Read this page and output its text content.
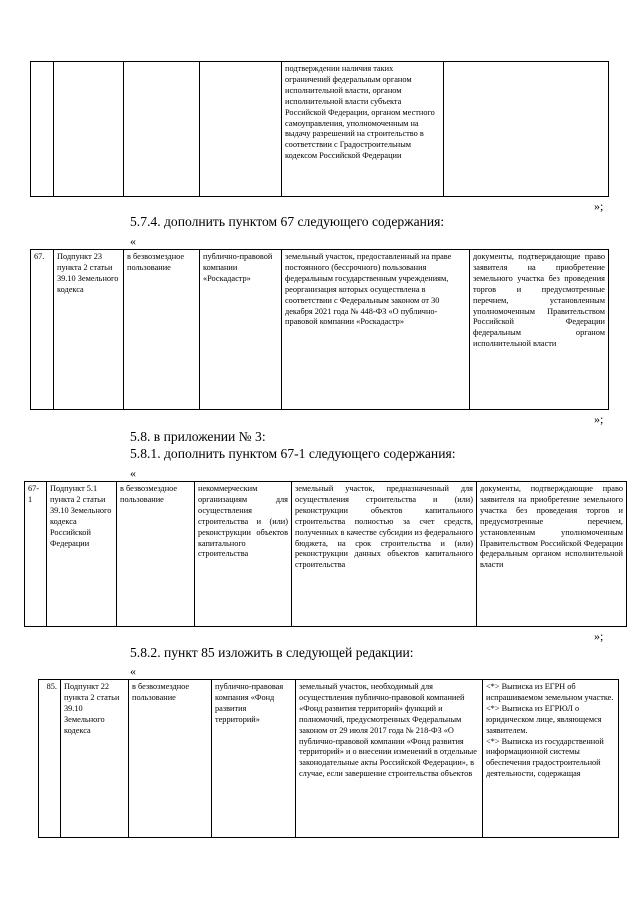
				подтверждении наличия таких ограничений федеральным органом исполнительной власти, органом исполнительной власти субъекта Российской Федерации, органом местного самоуправления, уполномоченным на выдачу разрешений на строительство в соответствии с Градостроительным кодексом Российской Федерации	
»;
5.7.4. дополнить пунктом 67 следующего содержания:
«
67.	Подпункт 23 пункта 2 статьи 39.10 Земельного кодекса	в безвозмездное пользование	публично-правовой компании «Роскадастр»	земельный участок, предоставленный на праве постоянного (бессрочного) пользования федеральным государственным учреждениям, реорганизация которых осуществлена в соответствии с Федеральным законом от 30 декабря 2021 года № 448-ФЗ «О публично-правовой компании «Роскадастр»	документы, подтверждающие право заявителя на приобретение земельного участка без проведения торгов и предусмотренные перечнем, установленным уполномоченным Правительством Российской Федерации федеральным органом исполнительной власти
»;
5.8. в приложении № 3:
5.8.1. дополнить пунктом 67-1 следующего содержания:
«
67-1	Подпункт 5.1 пункта 2 статьи 39.10 Земельного кодекса Российской Федерации	в безвозмездное пользование	некоммерческим организациям для осуществления строительства и (или) реконструкции объектов капитального строительства	земельный участок, предназначенный для осуществления строительства и (или) реконструкции объектов капитального строительства полностью за счет средств, полученных в качестве субсидии из федерального бюджета, на срок строительства и (или) реконструкции данных объектов капитального строительства	документы, подтверждающие право заявителя на приобретение земельного участка без проведения торгов и предусмотренные перечнем, установленным уполномоченным Правительством Российской Федерации федеральным органом исполнительной власти
»;
5.8.2. пункт 85 изложить в следующей редакции:
«
85.	Подпункт 22 пункта 2 статьи 39.10 Земельного кодекса	в безвозмездное пользование	публично-правовая компания «Фонд развития территорий»	земельный участок, необходимый для осуществления публично-правовой компанией «Фонд развития территорий» функций и полномочий, предусмотренных Федеральным законом от 29 июля 2017 года № 218-ФЗ «О публично-правовой компании «Фонд развития территорий» и о внесении изменений в отдельные законодательные акты Российской Федерации», в случае, если завершение строительства объектов	<*> Выписка из ЕГРН об испрашиваемом земельном участке.
<*> Выписка из ЕГРЮЛ о юридическом лице, являющемся заявителем.
<*> Выписка из государственной информационной системы обеспечения градостроительной деятельности, содержащая
